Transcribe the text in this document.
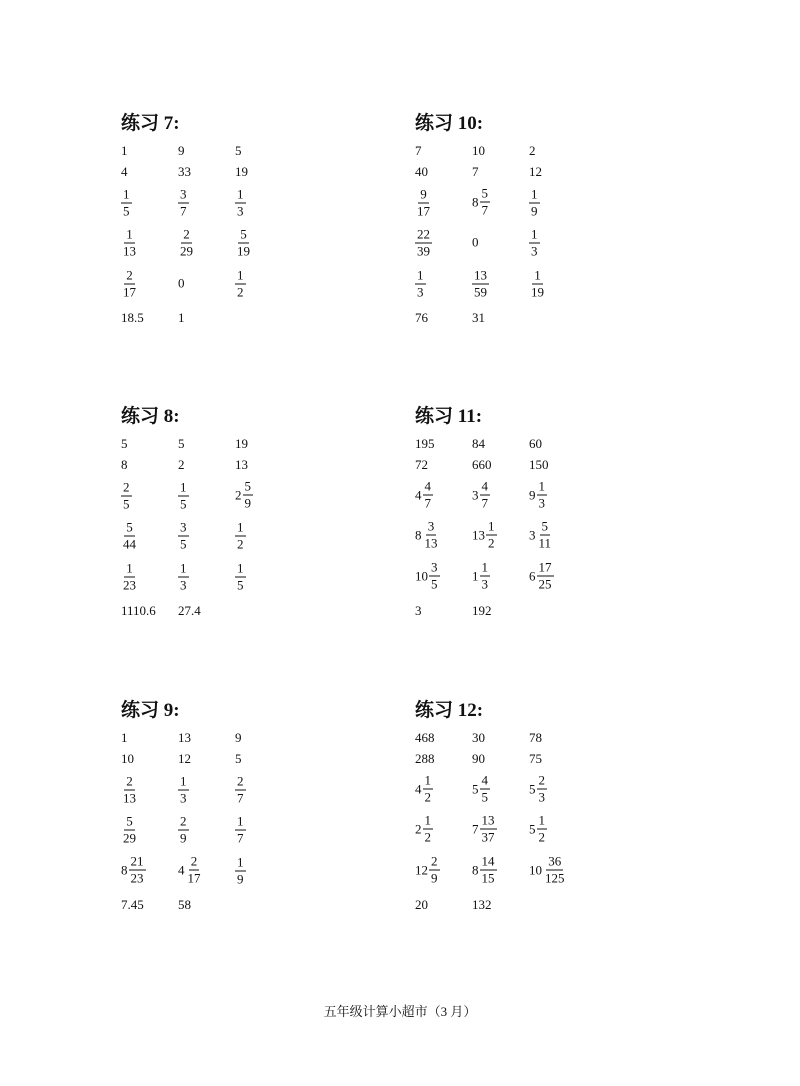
练习 7:
1	9	5
4	33	19
$\frac{1}{5}$	$\frac{3}{7}$	$\frac{1}{3}$
$\frac{1}{13}$	$\frac{2}{29}$	$\frac{5}{19}$
$\frac{2}{17}$	0	$\frac{1}{2}$
18.5	1
练习 10:
7	10	2
40	7	12
$\frac{9}{17}$	$8 \frac{5}{7}$	$\frac{1}{9}$
$\frac{22}{39}$	0	$\frac{1}{3}$
$\frac{1}{3}$	$\frac{13}{59}$	$\frac{1}{19}$
76	31
练习 8:
5	5	19
8	2	13
$\frac{2}{5}$	$\frac{1}{5}$	$2 \frac{5}{9}$
$\frac{5}{44}$	$\frac{3}{5}$	$\frac{1}{2}$
$\frac{1}{23}$	$\frac{1}{3}$	$\frac{1}{5}$
1110.6 27.4
练习 11:
195	84	60
72	660	150
$4 \frac{4}{7}$	$3 \frac{4}{7}$	$9 \frac{1}{3}$
$8 \frac{3}{13}$	$13 \frac{1}{2}$	$3 \frac{5}{11}$
$10 \frac{3}{5}$	$1 \frac{1}{3}$	$6 \frac{17}{25}$
3	192
练习 9:
1	13	9
10	12	5
$\frac{2}{13}$	$\frac{1}{3}$	$\frac{2}{7}$
$\frac{5}{29}$	$\frac{2}{9}$	$\frac{1}{7}$
$8 \frac{21}{23}$	$4 \frac{2}{17}$	$\frac{1}{9}$
7.45	58
练习 12:
468	30	78
288	90	75
$4 \frac{1}{2}$	$5 \frac{4}{5}$	$5 \frac{2}{3}$
$2 \frac{1}{2}$	$7 \frac{13}{37}$	$5 \frac{1}{2}$
$12 \frac{2}{9}$	$8 \frac{14}{15}$	$10 \frac{36}{125}$
20	132
五年级计算小超市（3 月）
